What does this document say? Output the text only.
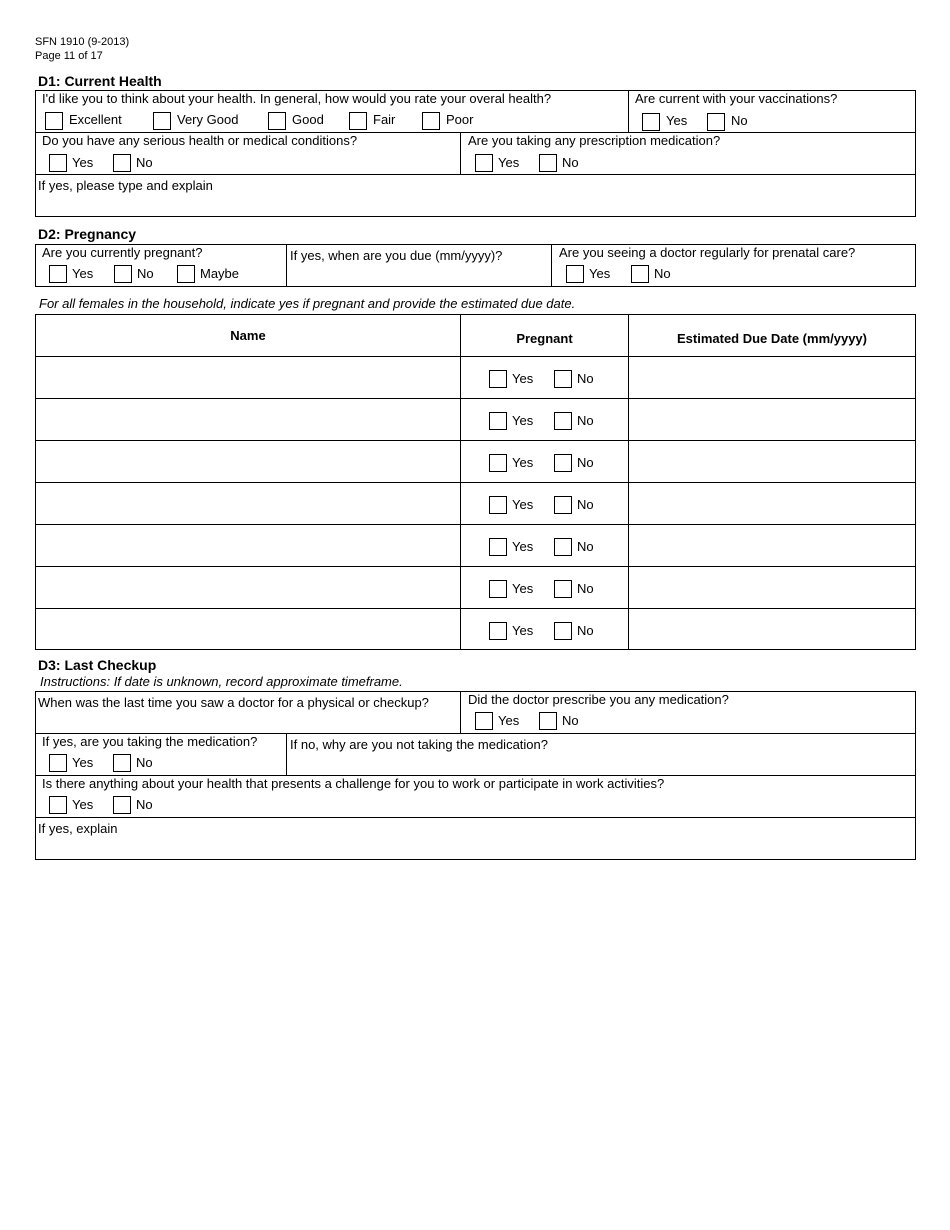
SFN 1910 (9-2013)
Page 11 of 17
D1: Current Health
I'd like you to think about your health. In general, how would you rate your overal health?
Excellent	Very Good	Good	Fair	Poor
Are current with your vaccinations?
Yes	No
Do you have any serious health or medical conditions?
Yes	No
Are you taking any prescription medication?
Yes	No
If yes, please type and explain
D2: Pregnancy
Are you currently pregnant?
Yes	No	Maybe
If yes, when are you due (mm/yyyy)?	Are you seeing a doctor regularly for prenatal care?
Yes	No
For all females in the household, indicate yes if pregnant and provide the estimated due date.
Name	Pregnant	Estimated Due Date (mm/yyyy)
Yes	No
Yes	No
Yes	No
Yes	No
Yes	No
Yes	No
Yes	No
D3: Last Checkup
Instructions: If date is unknown, record approximate timeframe.
When was the last time you saw a doctor for a physical or checkup?	Did the doctor prescribe you any medication?
Yes	No
If yes, are you taking the medication?
Yes	No
If no, why are you not taking the medication?
Is there anything about your health that presents a challenge for you to work or participate in work activities?
Yes	No
If yes, explain
